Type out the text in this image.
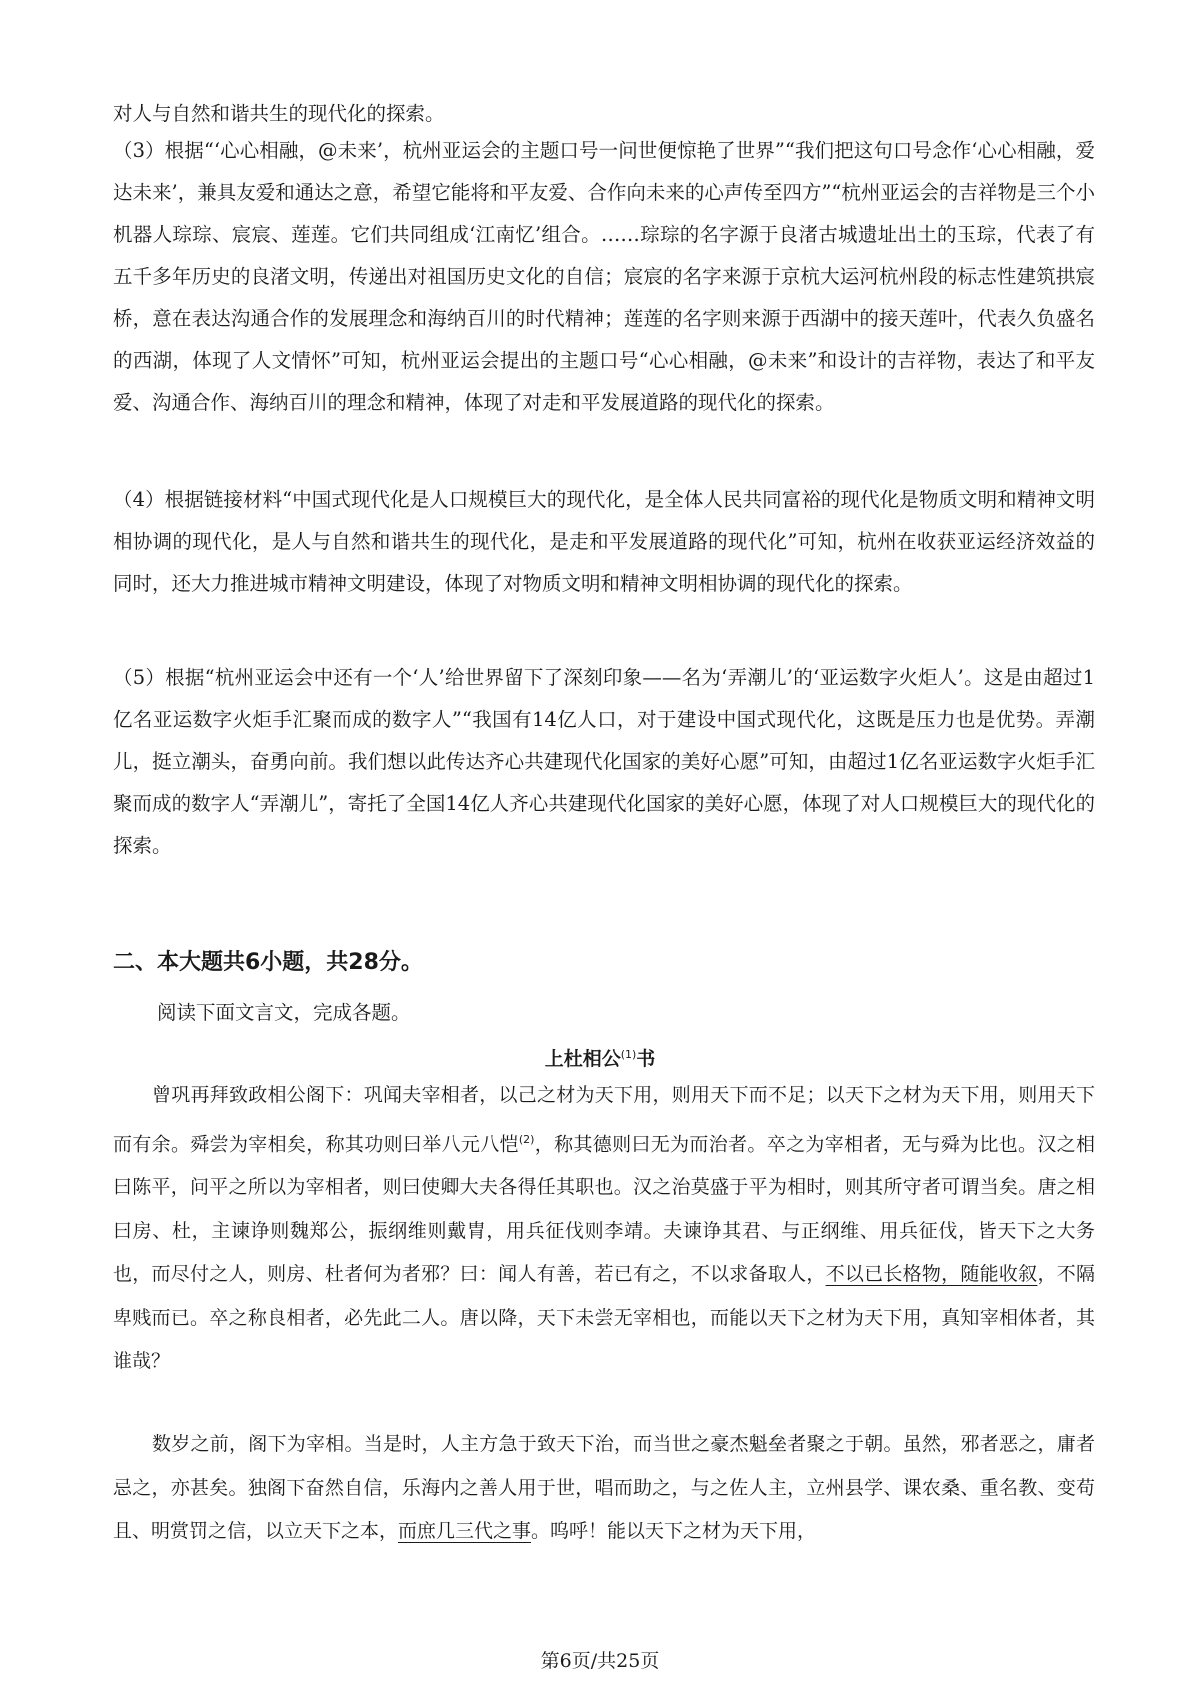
对人与自然和谐共生的现代化的探索。

（3）根据“‘心心相融，@未来’，杭州亚运会的主题口号一问世便惊艳了世界”“我们把这句口号念作‘心心相融，爱达未来’，兼具友爱和通达之意，希望它能将和平友爱、合作向未来的心声传至四方”“杭州亚运会的吉祥物是三个小机器人琮琮、宸宸、莲莲。它们共同组成‘江南忆’组合。……琮琮的名字源于良渚古城遗址出土的玉琮，代表了有五千多年历史的良渚文明，传递出对祖国历史文化的自信；宸宸的名字来源于京杭大运河杭州段的标志性建筑拱宸桥，意在表达沟通合作的发展理念和海纳百川的时代精神；莲莲的名字则来源于西湖中的接天莲叶，代表久负盛名的西湖，体现了人文情怀”可知，杭州亚运会提出的主题口号“心心相融，@未来”和设计的吉祥物，表达了和平友爱、沟通合作、海纳百川的理念和精神，体现了对走和平发展道路的现代化的探索。

（4）根据链接材料“中国式现代化是人口规模巨大的现代化，是全体人民共同富裕的现代化是物质文明和精神文明相协调的现代化，是人与自然和谐共生的现代化，是走和平发展道路的现代化”可知，杭州在收获亚运经济效益的同时，还大力推进城市精神文明建设，体现了对物质文明和精神文明相协调的现代化的探索。

（5）根据“杭州亚运会中还有一个‘人’给世界留下了深刻印象——名为‘弄潮儿’的‘亚运数字火炬人’。这是由超过1亿名亚运数字火炬手汇聚而成的数字人”“我国有14亿人口，对于建设中国式现代化，这既是压力也是优势。弄潮儿，挺立潮头，奋勇向前。我们想以此传达齐心共建现代化国家的美好心愿”可知，由超过1亿名亚运数字火炬手汇聚而成的数字人“弄潮儿”，寄托了全国14亿人齐心共建现代化国家的美好心愿，体现了对人口规模巨大的现代化的探索。

二、本大题共6小题，共28分。

阅读下面文言文，完成各题。

上杜相公$^{(1)}$书

曾巩再拜致政相公阁下：巩闻夫宰相者，以己之材为天下用，则用天下而不足；以天下之材为天下用，则用天下而有余。舜尝为宰相矣，称其功则曰举八元八恺$^{(2)}$，称其德则曰无为而治者。卒之为宰相者，无与舜为比也。汉之相曰陈平，问平之所以为宰相者，则曰使卿大夫各得任其职也。汉之治莫盛于平为相时，则其所守者可谓当矣。唐之相曰房、杜，主谏诤则魏郑公，振纲维则戴胄，用兵征伐则李靖。夫谏诤其君、与正纲维、用兵征伐，皆天下之大务也，而尽付之人，则房、杜者何为者邪？曰：闻人有善，若已有之，不以求备取人，不以已长格物，随能收叙，不隔卑贱而已。卒之称良相者，必先此二人。唐以降，天下未尝无宰相也，而能以天下之材为天下用，真知宰相体者，其谁哉？

数岁之前，阁下为宰相。当是时，人主方急于致天下治，而当世之豪杰魁垒者聚之于朝。虽然，邪者恶之，庸者忌之，亦甚矣。独阁下奋然自信，乐海内之善人用于世，唱而助之，与之佐人主，立州县学、课农桑、重名教、变苟且、明赏罚之信，以立天下之本，而庶几三代之事。呜呼！能以天下之材为天下用，

第6页/共25页
